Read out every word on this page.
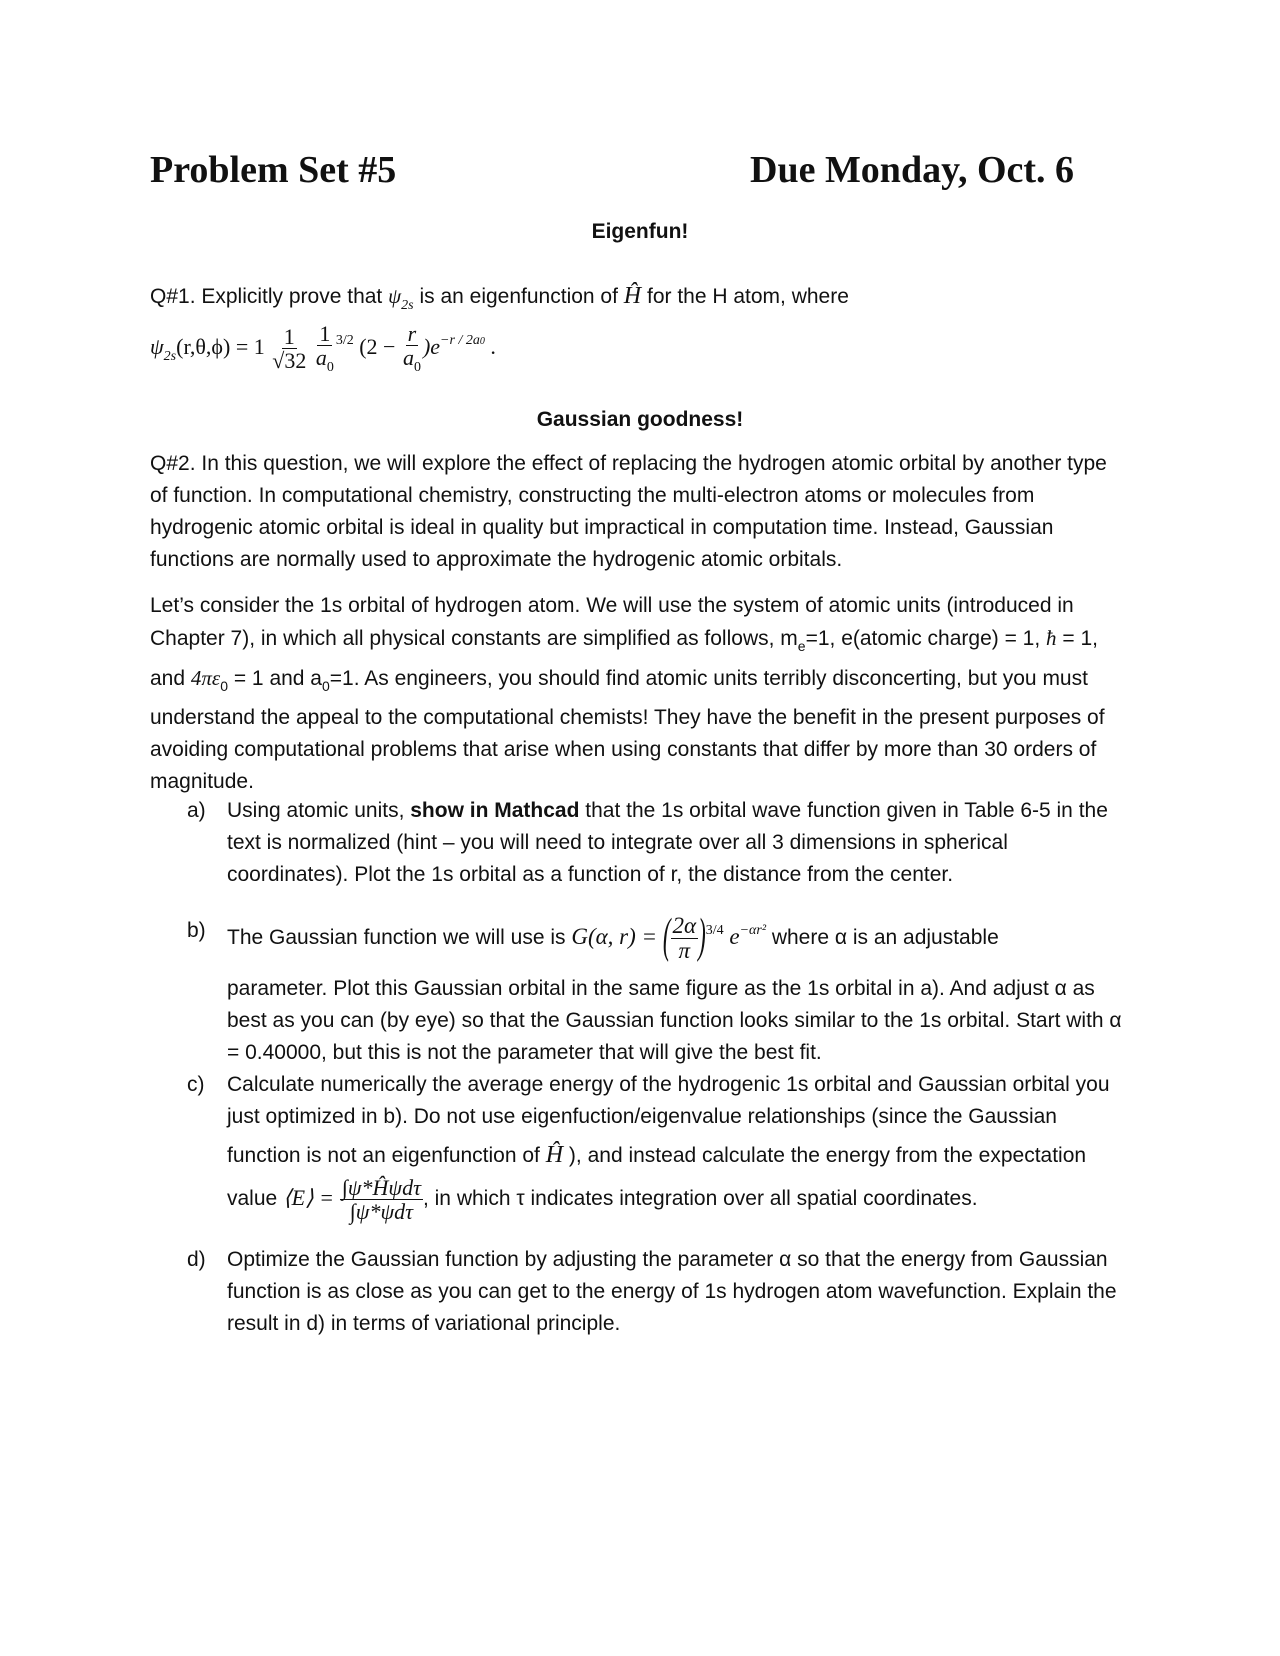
Problem Set #5	Due Monday, Oct. 6
Eigenfun!
Q#1. Explicitly prove that $\psi_{2s}$ is an eigenfunction of Ĥ for the H atom, where
$\psi_{2s}(r,\theta,\phi) = 1 \frac{1}{√32}$
$\frac{1}{a_0} ^{3/2}$ $(2 - \frac{r}{a_0} )e^{-r / 2a0}$ .
Gaussian goodness!
Q#2. In this question, we will explore the effect of replacing the hydrogen atomic orbital by another type of function. In computational chemistry, constructing the multi-electron atoms or molecules from hydrogenic atomic orbital is ideal in quality but impractical in computation time. Instead, Gaussian functions are normally used to approximate the hydrogenic atomic orbitals.
Let’s consider the 1s orbital of hydrogen atom. We will use the system of atomic units (introduced in Chapter 7), in which all physical constants are simplified as follows, $m_e=1$, e(atomic charge) = 1, ħ = 1, and $4\pi\varepsilon_0 = 1$ and $a_0=1$. As engineers, you should find atomic units terribly disconcerting, but you must understand the appeal to the computational chemists! They have the benefit in the present purposes of avoiding computational problems that arise when using constants that differ by more than 30 orders of magnitude.
a) Using atomic units, show in Mathcad that the 1s orbital wave function given in Table 6-5 in the text is normalized (hint – you will need to integrate over all 3 dimensions in spherical coordinates). Plot the 1s orbital as a function of r, the distance from the center.
b) The Gaussian function we will use is G(α, r) = ( $\frac{2\alpha}{\pi} )^{3/4}$ $e^{-\alpha r^2}$ where α is an adjustable
parameter. Plot this Gaussian orbital in the same figure as the 1s orbital in a). And adjust α as best as you can (by eye) so that the Gaussian function looks similar to the 1s orbital. Start with α = 0.40000, but this is not the parameter that will give the best fit.
c) Calculate numerically the average energy of the hydrogenic 1s orbital and Gaussian orbital you just optimized in b). Do not use eigenfuction/eigenvalue relationships (since the Gaussian
function is not an eigenfunction of Ĥ ), and instead calculate the energy from the expectation
value ⟨E⟩ = $\frac{\text{∫ψ*Ĥψdτ}}{\text{∫ψ*ψdτ}}$ , in which τ indicates integration over all spatial coordinates.
d) Optimize the Gaussian function by adjusting the parameter α so that the energy from Gaussian function is as close as you can get to the energy of 1s hydrogen atom wavefunction. Explain the result in d) in terms of variational principle.
